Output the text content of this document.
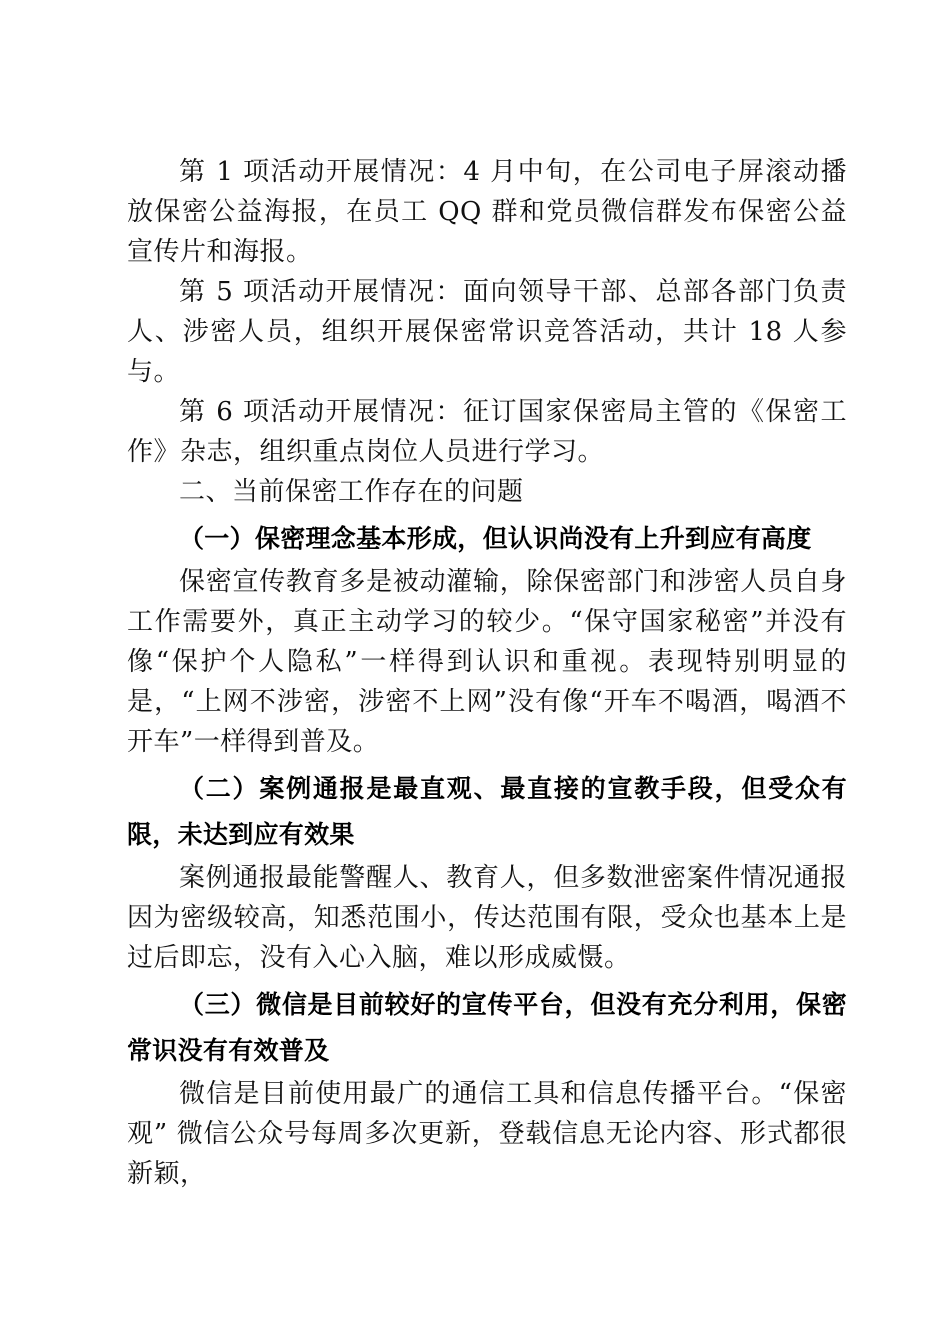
第 1 项活动开展情况：4 月中旬，在公司电子屏滚动播放保密公益海报，在员工 QQ 群和党员微信群发布保密公益宣传片和海报。

第 5 项活动开展情况：面向领导干部、总部各部门负责人、涉密人员，组织开展保密常识竞答活动，共计 18 人参与。

第 6 项活动开展情况：征订国家保密局主管的《保密工作》杂志，组织重点岗位人员进行学习。

二、当前保密工作存在的问题

（一）保密理念基本形成，但认识尚没有上升到应有高度

保密宣传教育多是被动灌输，除保密部门和涉密人员自身工作需要外，真正主动学习的较少。“保守国家秘密”并没有像“保护个人隐私”一样得到认识和重视。表现特别明显的是，“上网不涉密，涉密不上网”没有像“开车不喝酒，喝酒不开车”一样得到普及。

（二）案例通报是最直观、最直接的宣教手段，但受众有限，未达到应有效果

案例通报最能警醒人、教育人，但多数泄密案件情况通报因为密级较高，知悉范围小，传达范围有限，受众也基本上是过后即忘，没有入心入脑，难以形成威慑。

（三）微信是目前较好的宣传平台，但没有充分利用，保密常识没有有效普及

微信是目前使用最广的通信工具和信息传播平台。“保密观” 微信公众号每周多次更新，登载信息无论内容、形式都很新颖，
